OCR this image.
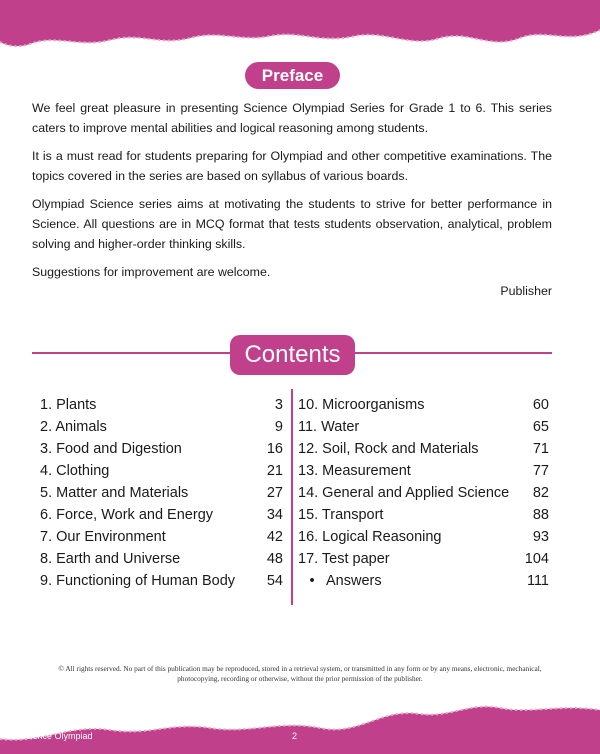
Preface

We feel great pleasure in presenting Science Olympiad Series for Grade 1 to 6. This series caters to improve mental abilities and logical reasoning among students.

It is a must read for students preparing for Olympiad and other competitive examinations. The topics covered in the series are based on syllabus of various boards.

Olympiad Science series aims at motivating the students to strive for better performance in Science. All questions are in MCQ format that tests students observation, analytical, problem solving and higher-order thinking skills.

Suggestions for improvement are welcome.

Publisher
Contents
1. Plants	3
2. Animals	9
3. Food and Digestion	16
4. Clothing	21
5. Matter and Materials	27
6. Force, Work and Energy	34
7. Our Environment	42
8. Earth and Universe	48
9. Functioning of Human Body 54
10. Microorganisms	60
11. Water	65
12. Soil, Rock and Materials	71
13. Measurement	77
14. General and Applied Science 82
15. Transport	88
16. Logical Reasoning	93
17. Test paper	104
• Answers	111
© All rights reserved. No part of this publication may be reproduced, stored in a retrieval system, or transmitted in any form or by any means, electronic, mechanical, photocopying, recording or otherwise, without the prior permission of the publisher.
Science Olympiad	2
